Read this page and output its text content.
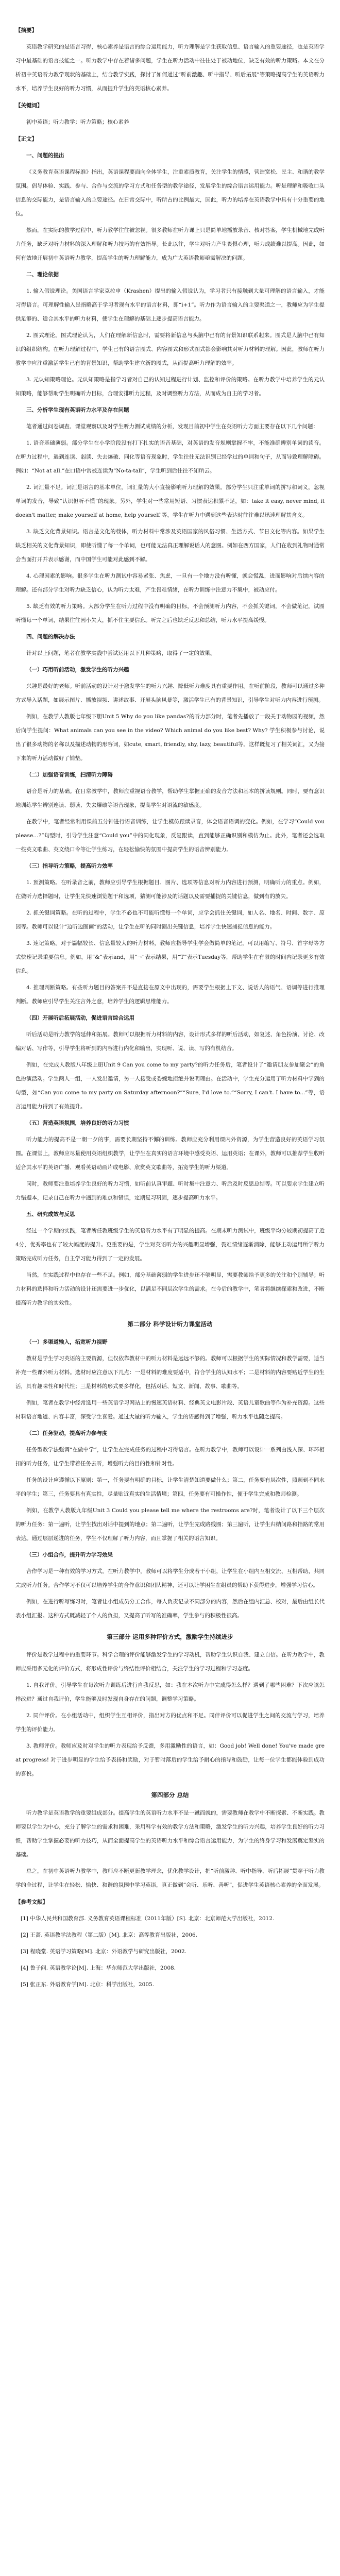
【摘要】

英语教学研究的是语言习得，核心素养是语言的综合运用能力，听力理解是学生获取信息、语言输入的重要途径，也是英语学习中最基础的语言技能之一。听力教学中存在着诸多问题，学生在听力活动中往往处于被动地位，缺乏有效的听力策略。本文在分析初中英语听力教学现状的基础上，结合教学实践，探讨了如何通过“听前激趣、听中指导、听后拓展”等策略提高学生的英语听力水平，培养学生良好的听力习惯，从而提升学生的英语核心素养。

【关键词】

初中英语；听力教学；听力策略；核心素养

【正文】

一、问题的提出

《义务教育英语课程标准》指出，英语课程要面向全体学生，注重素质教育，关注学生的情感，营造宽松、民主、和谐的教学氛围。倡导体验、实践、参与、合作与交流的学习方式和任务型的教学途径，发展学生的综合语言运用能力。听是理解和吸收口头信息的交际能力，是语言输入的主要途径。在日常交际中，听所占的比例最大，因此，听力的培养在英语教学中具有十分重要的地位。

然而，在实际的教学过程中，听力教学往往被忽视。很多教师在听力课上只是简单地播放录音、核对答案，学生机械地完成听力任务，缺乏对听力材料的深入理解和听力技巧的有效指导。长此以往，学生对听力产生畏惧心理，听力成绩难以提高。因此，如何有效地开展初中英语听力教学，提高学生的听力理解能力，成为广大英语教师亟需解决的问题。

二、理论依据

1. 输入假说理论。美国语言学家克拉申（Krashen）提出的输入假说认为，学习者只有接触到大量可理解的语言输入，才能习得语言。可理解性输入是指略高于学习者现有水平的语言材料，即“i+1”。听力作为语言输入的主要渠道之一，教师应为学生提供足够的、适合其水平的听力材料，使学生在理解的基础上逐步提高语言能力。

2. 图式理论。图式理论认为，人们在理解新信息时，需要将新信息与头脑中已有的背景知识联系起来。图式是人脑中已有知识的组织结构。在听力理解过程中，学生已有的语言图式、内容图式和形式图式都会影响其对听力材料的理解。因此，教师在听力教学中应注重激活学生已有的背景知识，帮助学生建立新的图式，从而提高听力理解的效率。

3. 元认知策略理论。元认知策略是指学习者对自己的认知过程进行计划、监控和评价的策略。在听力教学中培养学生的元认知策略，能够帮助学生明确听力目标，合理安排听力过程，及时调整听力方法，从而成为自主的学习者。

三、分析学生现有英语听力水平及存在问题

笔者通过问卷调查、课堂观察以及对学生听力测试成绩的分析，发现目前初中学生在英语听力方面主要存在以下几个问题：

1. 语音基础薄弱。部分学生在小学阶段没有打下扎实的语音基础，对英语的发音规则掌握不牢，不能准确辨别单词的读音。在听力过程中，遇到连读、弱读、失去爆破、同化等语音现象时，学生往往无法识别已经学过的单词和句子，从而导致理解障碍。例如：“Not at all.”在口语中常被连读为“No-ta-tall”，学生听到后往往不知所云。

2. 词汇量不足。词汇是语言的基本单位，词汇量的大小直接影响听力理解的效果。部分学生只注重单词的拼写和词义，忽视单词的发音，导致“认识但听不懂”的现象。另外，学生对一些常用短语、习惯表达积累不足，如：take it easy, never mind, it doesn't matter, make yourself at home, help yourself 等，学生在听力中遇到这些表达时往往难以迅速理解其含义。

3. 缺乏文化背景知识。语言是文化的载体，听力材料中常涉及英语国家的风俗习惯、生活方式、节日文化等内容。如果学生缺乏相关的文化背景知识，即使听懂了每一个单词，也可能无法真正理解说话人的意图。例如在西方国家，人们在收到礼物时通常会当面打开并表示感谢，而中国学生可能对此感到不解。

4. 心理因素的影响。很多学生在听力测试中容易紧张、焦虑，一旦有一个地方没有听懂，就会慌乱，进而影响对后续内容的理解。还有部分学生对听力缺乏信心，认为听力太难，产生畏难情绪，在听力训练中注意力不集中，被动应付。

5. 缺乏有效的听力策略。大部分学生在听力过程中没有明确的目标，不会预测听力内容，不会抓关键词，不会做笔记，试图听懂每一个单词，结果往往因小失大，抓不住主要信息。听完之后也缺乏反思和总结，听力水平提高缓慢。

四、问题的解决办法

针对以上问题，笔者在教学实践中尝试运用以下几种策略，取得了一定的效果。

（一）巧用听前活动，激发学生的听力兴趣

兴趣是最好的老师。听前活动的设计对于激发学生的听力兴趣、降低听力难度具有重要作用。在听前阶段，教师可以通过多种方式导入话题，如展示图片、播放视频、讲述故事、开展头脑风暴等，激活学生已有的背景知识，引导学生对听力内容进行预测。

例如，在教学人教版七年级下册Unit 5 Why do you like pandas?的听力部分时，笔者先播放了一段关于动物园的视频，然后向学生提问：What animals can you see in the video? Which animal do you like best? Why? 学生积极参与讨论，说出了很多动物的名称以及描述动物的形容词，如cute, smart, friendly, shy, lazy, beautiful等。这样既复习了相关词汇，又为接下来的听力活动做好了铺垫。

（二）加强语音训练，扫清听力障碍

语音是听力的基础。在日常教学中，教师应重视语音教学，帮助学生掌握正确的发音方法和基本的拼读规则。同时，要有意识地训练学生辨别连读、弱读、失去爆破等语音现象，提高学生对语流的敏感度。

在教学中，笔者经常利用课前五分钟进行语音训练，让学生模仿跟读录音，体会语音语调的变化。例如，在学习“Could you please…?”句型时，引导学生注意“Could you”中的同化现象，反复跟读，直到能够正确识别和模仿为止。此外，笔者还会选取一些英文歌曲、英文绕口令等让学生练习，在轻松愉快的氛围中提高学生的语音辨别能力。

（三）指导听力策略，提高听力效率

1. 预测策略。在听录音之前，教师应引导学生根据题目、图片、选项等信息对听力内容进行预测，明确听力的重点。例如，在做听力选择题时，让学生先快速浏览题干和选项，猜测可能涉及的话题以及需要捕捉的关键信息，做到有的放矢。

2. 抓关键词策略。在听的过程中，学生不必也不可能听懂每一个单词，应学会抓住关键词，如人名、地名、时间、数字、原因等。教师可以设计“边听边圈画”的活动，让学生在听的同时圈出关键信息，培养学生快速捕捉信息的能力。

3. 速记策略。对于篇幅较长、信息量较大的听力材料，教师应指导学生学会做简单的笔记，可以用缩写、符号、首字母等方式快速记录重要信息。例如，用“&”表示and，用“→”表示结果，用“T”表示Tuesday等，帮助学生在有限的时间内记录更多有效信息。

4. 推理判断策略。有些听力题目的答案并不是直接在原文中出现的，需要学生根据上下文、说话人的语气、语调等进行推理判断。教师应引导学生关注言外之意，培养学生的逻辑思维能力。

（四）开展听后拓展活动，促进语言综合运用

听后活动是听力教学的延伸和拓展。教师可以根据听力材料的内容，设计形式多样的听后活动，如复述、角色扮演、讨论、改编对话、写作等，引导学生将听到的内容进行内化和输出，实现听、说、读、写的有机结合。

例如，在完成人教版八年级上册Unit 9 Can you come to my party?的听力任务后，笔者设计了“邀请朋友参加聚会”的角色扮演活动。学生两人一组，一人发出邀请，另一人接受或委婉地拒绝并说明理由。在活动中，学生充分运用了听力材料中学到的句型，如“Can you come to my party on Saturday afternoon?”“Sure, I'd love to.”“Sorry, I can't. I have to...”等，语言运用能力得到了有效提升。

（五）营造英语氛围，培养良好的听力习惯

听力能力的提高不是一朝一夕的事，需要长期坚持不懈的训练。教师应充分利用课内外资源，为学生营造良好的英语学习氛围。在课堂上，教师应尽量使用英语组织教学，让学生在真实的语言环境中感受英语、运用英语；在课外，教师可以推荐学生收听适合其水平的英语广播、观看英语动画片或电影、欣赏英文歌曲等，拓宽学生的听力渠道。

同时，教师要注重培养学生良好的听力习惯，如听前认真审题、听时集中注意力、听后及时反思总结等。可以要求学生建立听力错题本，记录自己在听力中遇到的难点和错误，定期复习巩固，逐步提高听力水平。

五、研究成效与反思

经过一个学期的实践，笔者所任教班级学生的英语听力水平有了明显的提高。在期末听力测试中，班级平均分较期初提高了近4分，优秀率也有了较大幅度的提升。更重要的是，学生对英语听力的兴趣明显增强，畏难情绪逐渐消除，能够主动运用所学听力策略完成听力任务，自主学习能力得到了一定的发展。

当然，在实践过程中也存在一些不足。例如，部分基础薄弱的学生进步还不够明显，需要教师给予更多的关注和个别辅导；听力材料的选择和听力活动的设计还需要进一步优化，以满足不同层次学生的需求。在今后的教学中，笔者将继续探索和改进，不断提高听力教学的实效性。

第二部分 科学设计听力课堂活动

（一）多渠道输入，拓宽听力视野

教材是学生学习英语的主要资源，但仅依靠教材中的听力材料是远远不够的。教师可以根据学生的实际情况和教学需要，适当补充一些课外听力材料。选材时应注意以下几点：一是材料的难度要适中，符合学生的认知水平；二是材料的内容要贴近学生的生活，具有趣味性和时代性；三是材料的形式要多样化，包括对话、短文、新闻、故事、歌曲等。

例如，笔者在教学中经常选用一些英语学习网站上的慢速英语材料、经典英文电影片段、英语儿童歌曲等作为补充资源。这些材料语言地道、内容丰富，深受学生喜爱。通过大量的听力输入，学生的语感得到了增强，听力水平也随之提高。

（二）任务驱动，提高听力参与度

任务型教学法强调“在做中学”，让学生在完成任务的过程中习得语言。在听力教学中，教师可以设计一系列由浅入深、环环相扣的听力任务，让学生带着任务去听，增强听力的目的性和针对性。

任务的设计应遵循以下原则：第一，任务要有明确的目标，让学生清楚知道要做什么；第二，任务要有层次性，照顾到不同水平的学生；第三，任务要具有真实性，尽量贴近真实的生活情境；第四，任务要有可操作性，便于学生完成和教师检测。

例如，在教学人教版九年级Unit 3 Could you please tell me where the restrooms are?时，笔者设计了以下三个层次的听力任务：第一遍听，让学生找出对话中提到的地点；第二遍听，让学生完成路线图；第三遍听，让学生归纳问路和指路的常用表达。通过层层递进的任务，学生不仅理解了听力内容，而且掌握了相关的语言知识。

（三）小组合作，提升听力学习效果

合作学习是一种有效的学习方式。在听力教学中，教师可以将学生分成若干小组，让学生在小组内互相交流、互相帮助，共同完成听力任务。合作学习不仅可以培养学生的合作意识和团队精神，还可以让学困生在组员的帮助下获得进步，增强学习信心。

例如，在进行听写练习时，笔者让小组成员分工合作，每人负责记录不同部分的内容，然后在组内汇总、校对，最后由组长代表小组汇报。这种方式既减轻了个人的负担，又提高了听写的准确率，学生参与的积极性很高。

第三部分 运用多种评价方式，激励学生持续进步

评价是教学过程中的重要环节。科学合理的评价能够激发学生的学习动机，帮助学生认识自我、建立自信。在听力教学中，教师应采用多元化的评价方式，将形成性评价与终结性评价相结合，关注学生的学习过程和学习态度。

1. 自我评价。引导学生在每次听力训练后进行自我反思，如：我在本次听力中完成得怎么样？遇到了哪些困难？下次应该怎样改进？通过自我评价，学生能够及时发现自身存在的问题，调整学习策略。

2. 同伴评价。在小组活动中，组织学生互相评价，指出对方的优点和不足。同伴评价可以促进学生之间的交流与学习，培养学生的评价能力。

3. 教师评价。教师应及时对学生的听力表现给予反馈，多用激励性的语言，如：Good job! Well done! You've made great progress! 对于进步明显的学生给予表扬和奖励，对于暂时落后的学生给予耐心的指导和鼓励，让每一位学生都能体验到成功的喜悦。

第四部分 总结

听力教学是英语教学的重要组成部分。提高学生的英语听力水平不是一蹴而就的，需要教师在教学中不断探索、不断实践。教师要以学生为中心，充分了解学生的需求和困难，采用科学有效的教学方法和策略，激发学生的听力兴趣，培养学生良好的听力习惯，帮助学生掌握必要的听力技巧，从而全面提高学生的英语听力水平和综合语言运用能力，为学生的终身学习和发展奠定坚实的基础。

总之，在初中英语听力教学中，教师应不断更新教学理念，优化教学设计，把“听前激趣、听中指导、听后拓展”贯穿于听力教学的全过程，让学生在轻松、愉快、和谐的氛围中学习英语，真正做到“会听、乐听、善听”，促进学生英语核心素养的全面发展。

【参考文献】

[1] 中华人民共和国教育部. 义务教育英语课程标准（2011年版）[S]. 北京：北京师范大学出版社，2012.

[2] 王蔷. 英语教学法教程（第二版）[M]. 北京：高等教育出版社，2006.

[3] 程晓堂. 英语学习策略[M]. 北京：外语教学与研究出版社，2002.

[4] 鲁子问. 英语教学论[M]. 上海：华东师范大学出版社，2008.

[5] 张正东. 外语教育学[M]. 北京：科学出版社，2005.
